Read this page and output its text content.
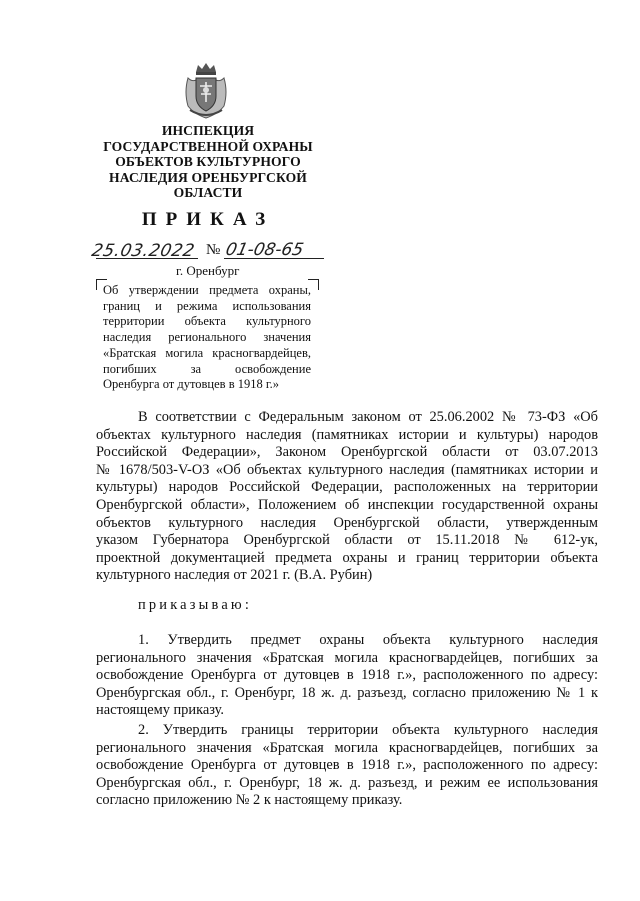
ИНСПЕКЦИЯ
ГОСУДАРСТВЕННОЙ ОХРАНЫ
ОБЪЕКТОВ КУЛЬТУРНОГО
НАСЛЕДИЯ ОРЕНБУРГСКОЙ
ОБЛАСТИ
ПРИКАЗ
25.03.2022 № 01-08-65
г. Оренбург
Об утверждении предмета охраны,
границ и режима использования
территории объекта культурного
наследия регионального значения
«Братская могила красногвардейцев,
погибших за освобождение
Оренбурга от дутовцев в 1918 г.»
В соответствии с Федеральным законом от 25.06.2002 № 73-ФЗ «Об
объектах культурного наследия (памятниках истории и культуры) народов
Российской Федерации», Законом Оренбургской области от 03.07.2013
№ 1678/503-V-ОЗ «Об объектах культурного наследия (памятниках истории и
культуры) народов Российской Федерации, расположенных на территории
Оренбургской области», Положением об инспекции государственной охраны
объектов культурного наследия Оренбургской области, утвержденным
указом Губернатора Оренбургской области от 15.11.2018 № 612-ук,
проектной документацией предмета охраны и границ территории объекта
культурного наследия от 2021 г. (В.А. Рубин)
приказываю:
1. Утвердить предмет охраны объекта культурного наследия
регионального значения «Братская могила красногвардейцев, погибших за
освобождение Оренбурга от дутовцев в 1918 г.», расположенного по адресу:
Оренбургская обл., г. Оренбург, 18 ж. д. разъезд, согласно приложению № 1 к
настоящему приказу.
2. Утвердить границы территории объекта культурного наследия
регионального значения «Братская могила красногвардейцев, погибших за
освобождение Оренбурга от дутовцев в 1918 г.», расположенного по адресу:
Оренбургская обл., г. Оренбург, 18 ж. д. разъезд, и режим ее использования
согласно приложению № 2 к настоящему приказу.
